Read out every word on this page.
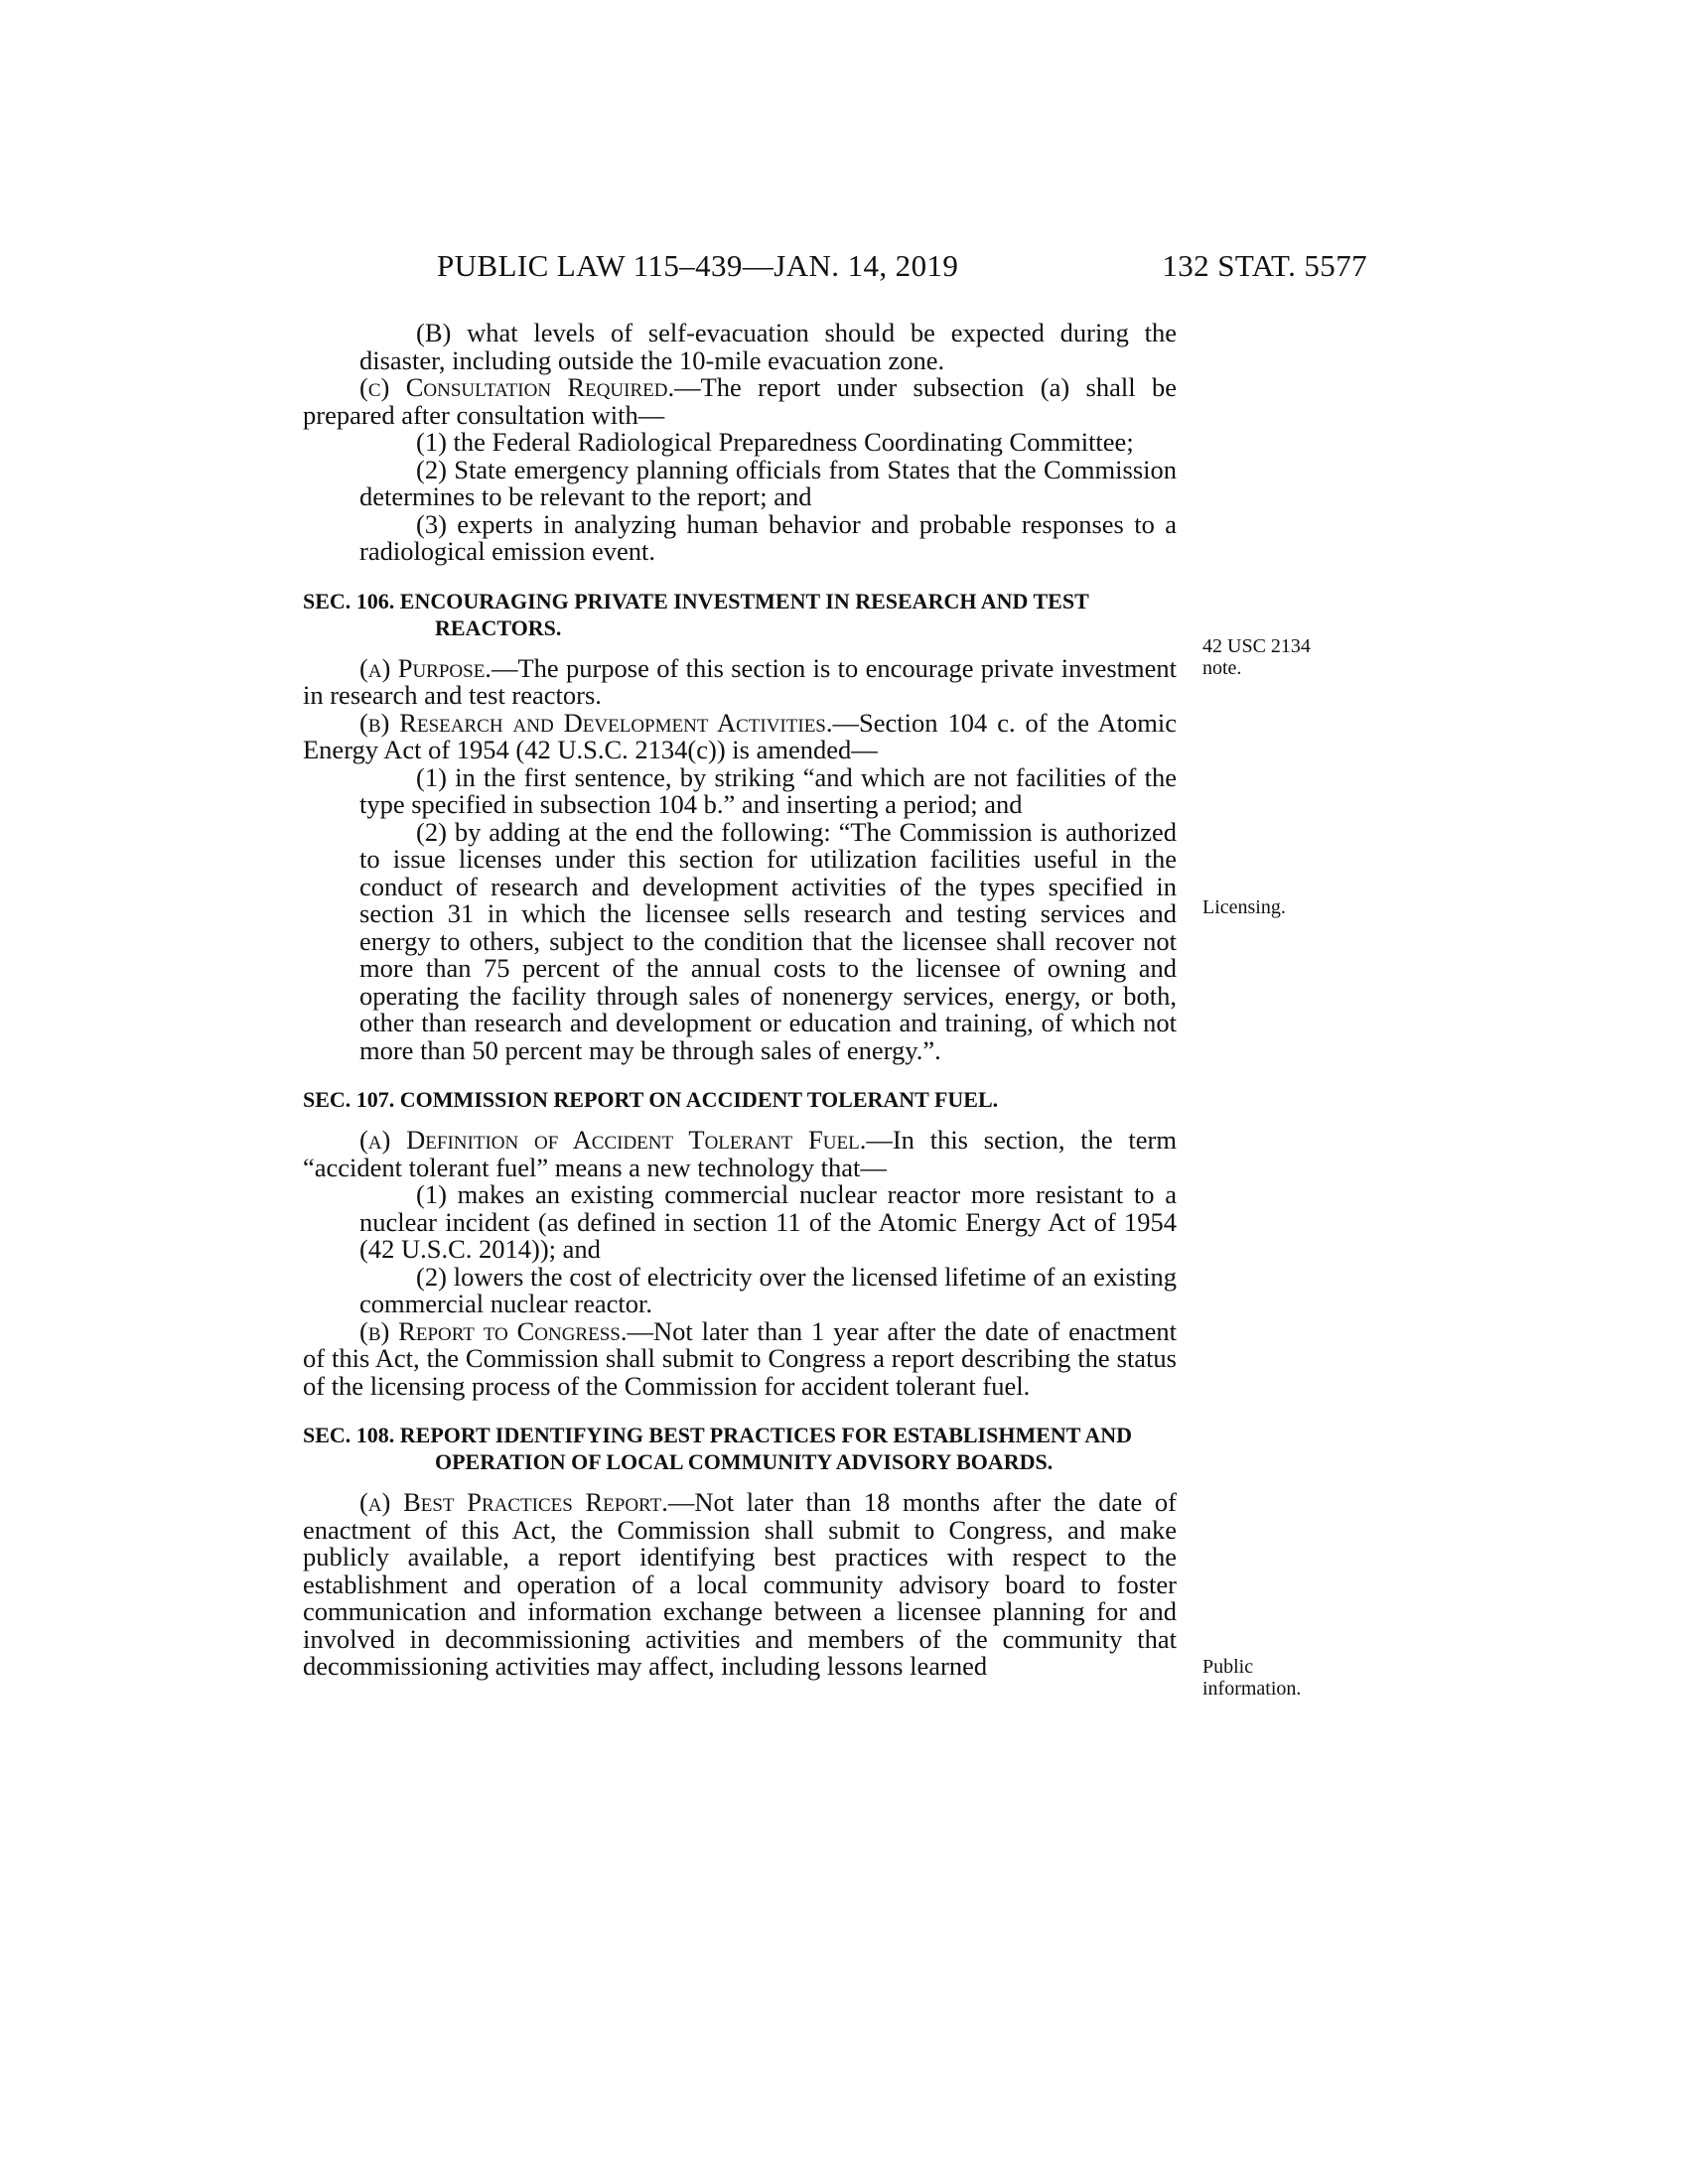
PUBLIC LAW 115–439—JAN. 14, 2019	132 STAT. 5577

(B) what levels of self-evacuation should be expected during the disaster, including outside the 10-mile evacuation zone.

(c) Consultation Required.—The report under subsection (a) shall be prepared after consultation with—

(1) the Federal Radiological Preparedness Coordinating Committee;

(2) State emergency planning officials from States that the Commission determines to be relevant to the report; and

(3) experts in analyzing human behavior and probable responses to a radiological emission event.

SEC. 106. ENCOURAGING PRIVATE INVESTMENT IN RESEARCH AND TEST REACTORS.

(a) Purpose.—The purpose of this section is to encourage private investment in research and test reactors.

(b) Research and Development Activities.—Section 104 c. of the Atomic Energy Act of 1954 (42 U.S.C. 2134(c)) is amended—

(1) in the first sentence, by striking “and which are not facilities of the type specified in subsection 104 b.” and inserting a period; and

(2) by adding at the end the following: “The Commission is authorized to issue licenses under this section for utilization facilities useful in the conduct of research and development activities of the types specified in section 31 in which the licensee sells research and testing services and energy to others, subject to the condition that the licensee shall recover not more than 75 percent of the annual costs to the licensee of owning and operating the facility through sales of nonenergy services, energy, or both, other than research and development or education and training, of which not more than 50 percent may be through sales of energy.”.

SEC. 107. COMMISSION REPORT ON ACCIDENT TOLERANT FUEL.

(a) Definition of Accident Tolerant Fuel.—In this section, the term “accident tolerant fuel” means a new technology that—

(1) makes an existing commercial nuclear reactor more resistant to a nuclear incident (as defined in section 11 of the Atomic Energy Act of 1954 (42 U.S.C. 2014)); and

(2) lowers the cost of electricity over the licensed lifetime of an existing commercial nuclear reactor.

(b) Report to Congress.—Not later than 1 year after the date of enactment of this Act, the Commission shall submit to Congress a report describing the status of the licensing process of the Commission for accident tolerant fuel.

SEC. 108. REPORT IDENTIFYING BEST PRACTICES FOR ESTABLISHMENT AND OPERATION OF LOCAL COMMUNITY ADVISORY BOARDS.

(a) Best Practices Report.—Not later than 18 months after the date of enactment of this Act, the Commission shall submit to Congress, and make publicly available, a report identifying best practices with respect to the establishment and operation of a local community advisory board to foster communication and information exchange between a licensee planning for and involved in decommissioning activities and members of the community that decommissioning activities may affect, including lessons learned

42 USC 2134
note.
Licensing.
Public
information.
